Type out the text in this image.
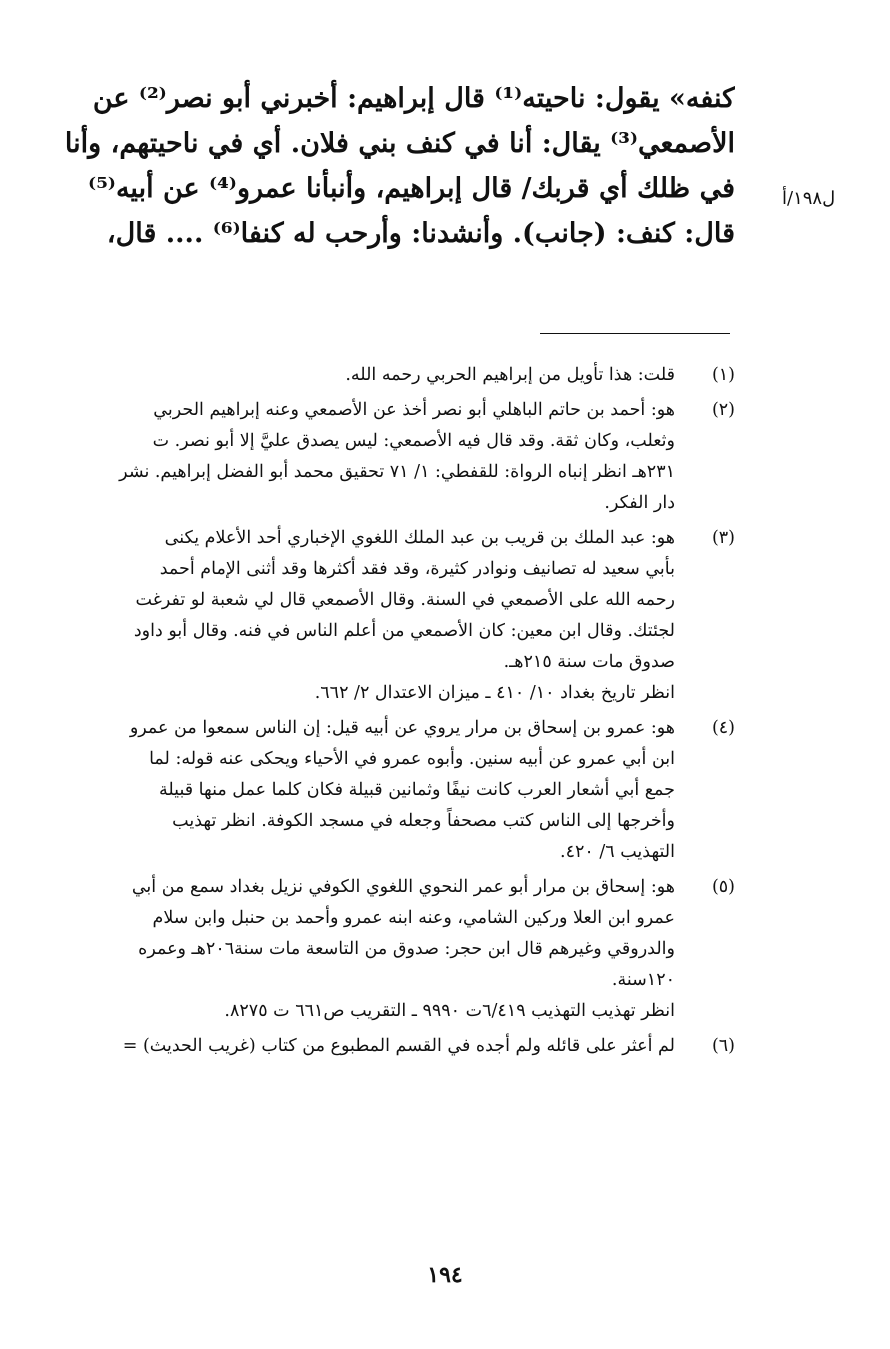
كنفه» يقول: ناحيته⁽¹⁾ قال إبراهيم: أخبرني أبو نصر⁽²⁾ عن
الأصمعي⁽³⁾ يقال: أنا في كنف بني فلان. أي في ناحيتهم، وأنا
في ظلك أي قربك/ قال إبراهيم، وأنبأنا عمرو⁽⁴⁾ عن أبيه⁽⁵⁾
قال: كنف: (جانب). وأنشدنا: وأرحب له كنفا⁽⁶⁾ .... قال،
ل١٩٨/أ
(١)
قلت: هذا تأويل من إبراهيم الحربي رحمه الله.
(٢)
هو: أحمد بن حاتم الباهلي أبو نصر أخذ عن الأصمعي وعنه إبراهيم الحربي
وثعلب، وكان ثقة. وقد قال فيه الأصمعي: ليس يصدق عليَّ إلا أبو نصر. ت
٢٣١هـ انظر إنباه الرواة: للقفطي: ١/ ٧١ تحقيق محمد أبو الفضل إبراهيم. نشر
دار الفكر.
(٣)
هو: عبد الملك بن قريب بن عبد الملك اللغوي الإخباري أحد الأعلام يكنى
بأبي سعيد له تصانيف ونوادر كثيرة، وقد فقد أكثرها وقد أثنى الإمام أحمد
رحمه الله على الأصمعي في السنة. وقال الأصمعي قال لي شعبة لو تفرغت
لجئتك. وقال ابن معين: كان الأصمعي من أعلم الناس في فنه. وقال أبو داود
صدوق مات سنة ٢١٥هـ.
انظر تاريخ بغداد ١٠/ ٤١٠ ـ ميزان الاعتدال ٢/ ٦٦٢.
(٤)
هو: عمرو بن إسحاق بن مرار يروي عن أبيه قيل: إن الناس سمعوا من عمرو
ابن أبي عمرو عن أبيه سنين. وأبوه عمرو في الأحياء ويحكى عنه قوله: لما
جمع أبي أشعار العرب كانت نيفًا وثمانين قبيلة فكان كلما عمل منها قبيلة
وأخرجها إلى الناس كتب مصحفاً وجعله في مسجد الكوفة. انظر تهذيب
التهذيب ٦/ ٤٢٠.
(٥)
هو: إسحاق بن مرار أبو عمر النحوي اللغوي الكوفي نزيل بغداد سمع من أبي
عمرو ابن العلا وركين الشامي، وعنه ابنه عمرو وأحمد بن حنبل وابن سلام
والدروقي وغيرهم قال ابن حجر: صدوق من التاسعة مات سنة٢٠٦هـ وعمره
١٢٠سنة.
انظر تهذيب التهذيب ٦/٤١٩ت ٩٩٩٠ ـ التقريب ص٦٦١ ت ٨٢٧٥.
(٦)
لم أعثر على قائله ولم أجده في القسم المطبوع من كتاب (غريب الحديث) =
١٩٤
